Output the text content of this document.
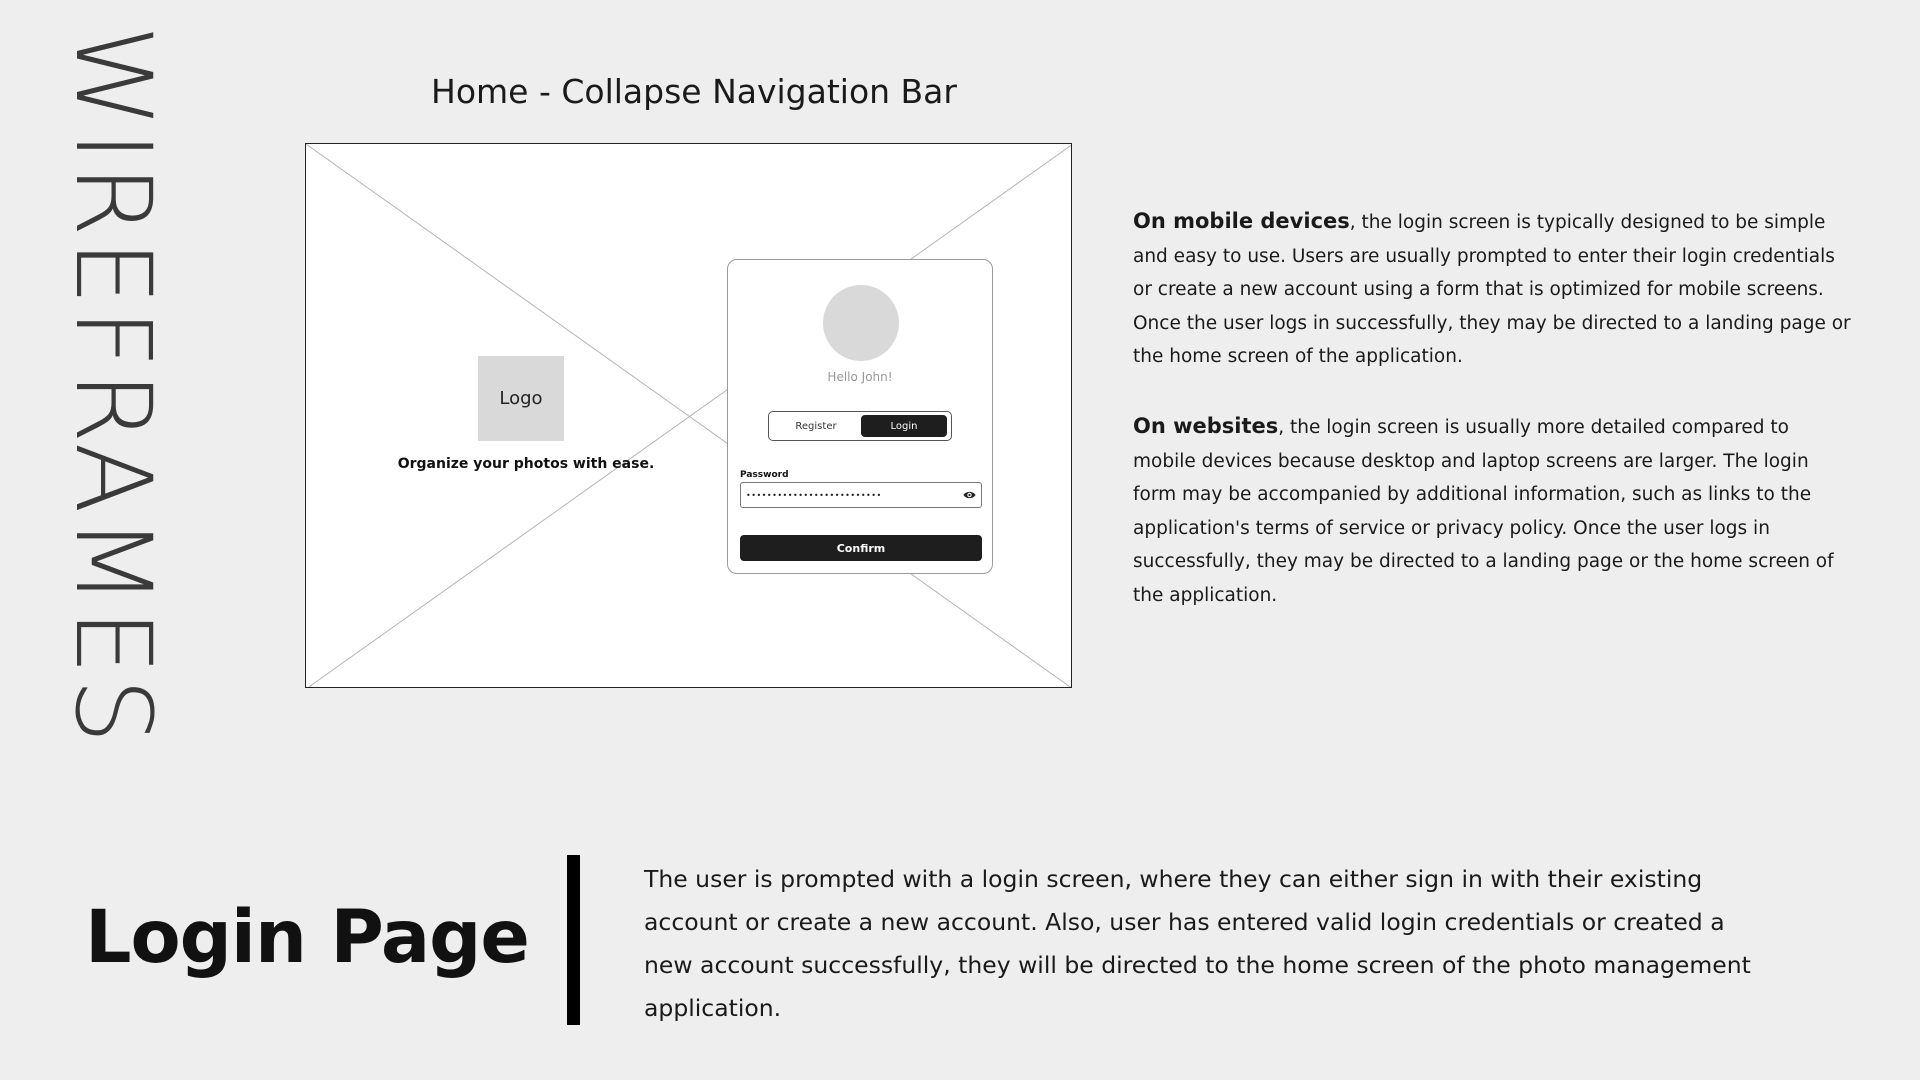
WIREFRAMES	Home - Collapse Navigation Bar
Logo
Organize your photos with ease.
Hello John!
Register	Login
Password
••••••••••••••••••••••••••
Confirm
On mobile devices, the login screen is typically designed to be simple and easy to use. Users are usually prompted to enter their login credentials or create a new account using a form that is optimized for mobile screens. Once the user logs in successfully, they may be directed to a landing page or the home screen of the application.
On websites, the login screen is usually more detailed compared to mobile devices because desktop and laptop screens are larger. The login form may be accompanied by additional information, such as links to the application's terms of service or privacy policy. Once the user logs in successfully, they may be directed to a landing page or the home screen of the application.
Login Page
The user is prompted with a login screen, where they can either sign in with their existing account or create a new account. Also, user has entered valid login credentials or created a new account successfully, they will be directed to the home screen of the photo management application.
